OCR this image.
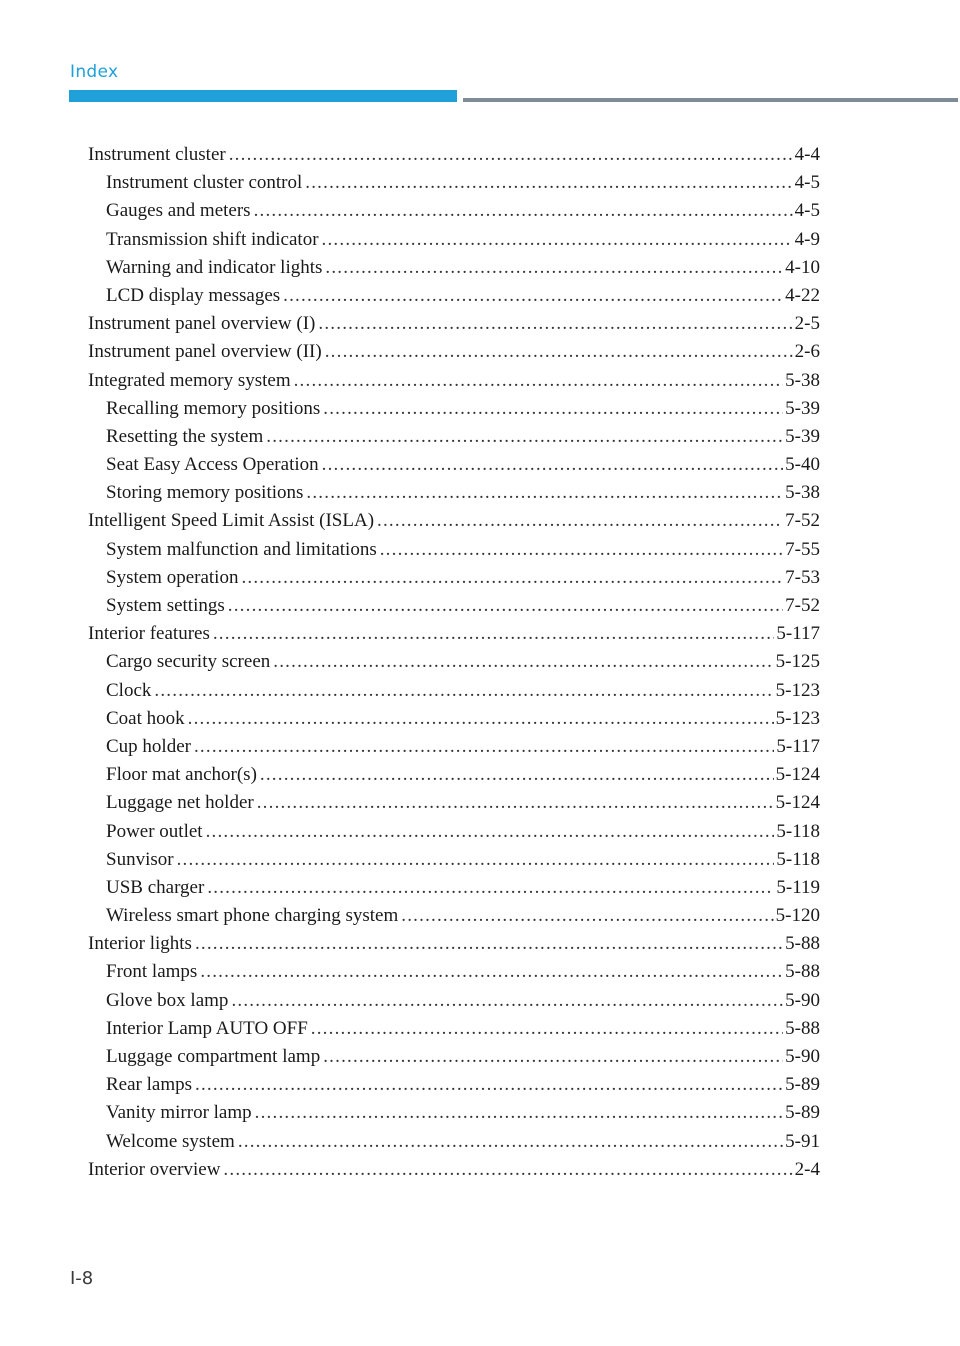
Index
Instrument cluster .....	4-4
Instrument cluster control .....	4-5
Gauges and meters .....	4-5
Transmission shift indicator .....	4-9
Warning and indicator lights .....	4-10
LCD display messages .....	4-22
Instrument panel overview (I) .....	2-5
Instrument panel overview (II) .....	2-6
Integrated memory system .....	5-38
Recalling memory positions .....	5-39
Resetting the system .....	5-39
Seat Easy Access Operation .....	5-40
Storing memory positions .....	5-38
Intelligent Speed Limit Assist (ISLA) .....	7-52
System malfunction and limitations .....	7-55
System operation .....	7-53
System settings .....	7-52
Interior features .....	5-117
Cargo security screen .....	5-125
Clock .....	5-123
Coat hook .....	5-123
Cup holder .....	5-117
Floor mat anchor(s) .....	5-124
Luggage net holder .....	5-124
Power outlet .....	5-118
Sunvisor .....	5-118
USB charger .....	5-119
Wireless smart phone charging system .....	5-120
Interior lights .....	5-88
Front lamps .....	5-88
Glove box lamp .....	5-90
Interior Lamp AUTO OFF .....	5-88
Luggage compartment lamp .....	5-90
Rear lamps .....	5-89
Vanity mirror lamp .....	5-89
Welcome system .....	5-91
Interior overview .....	2-4
I-8
